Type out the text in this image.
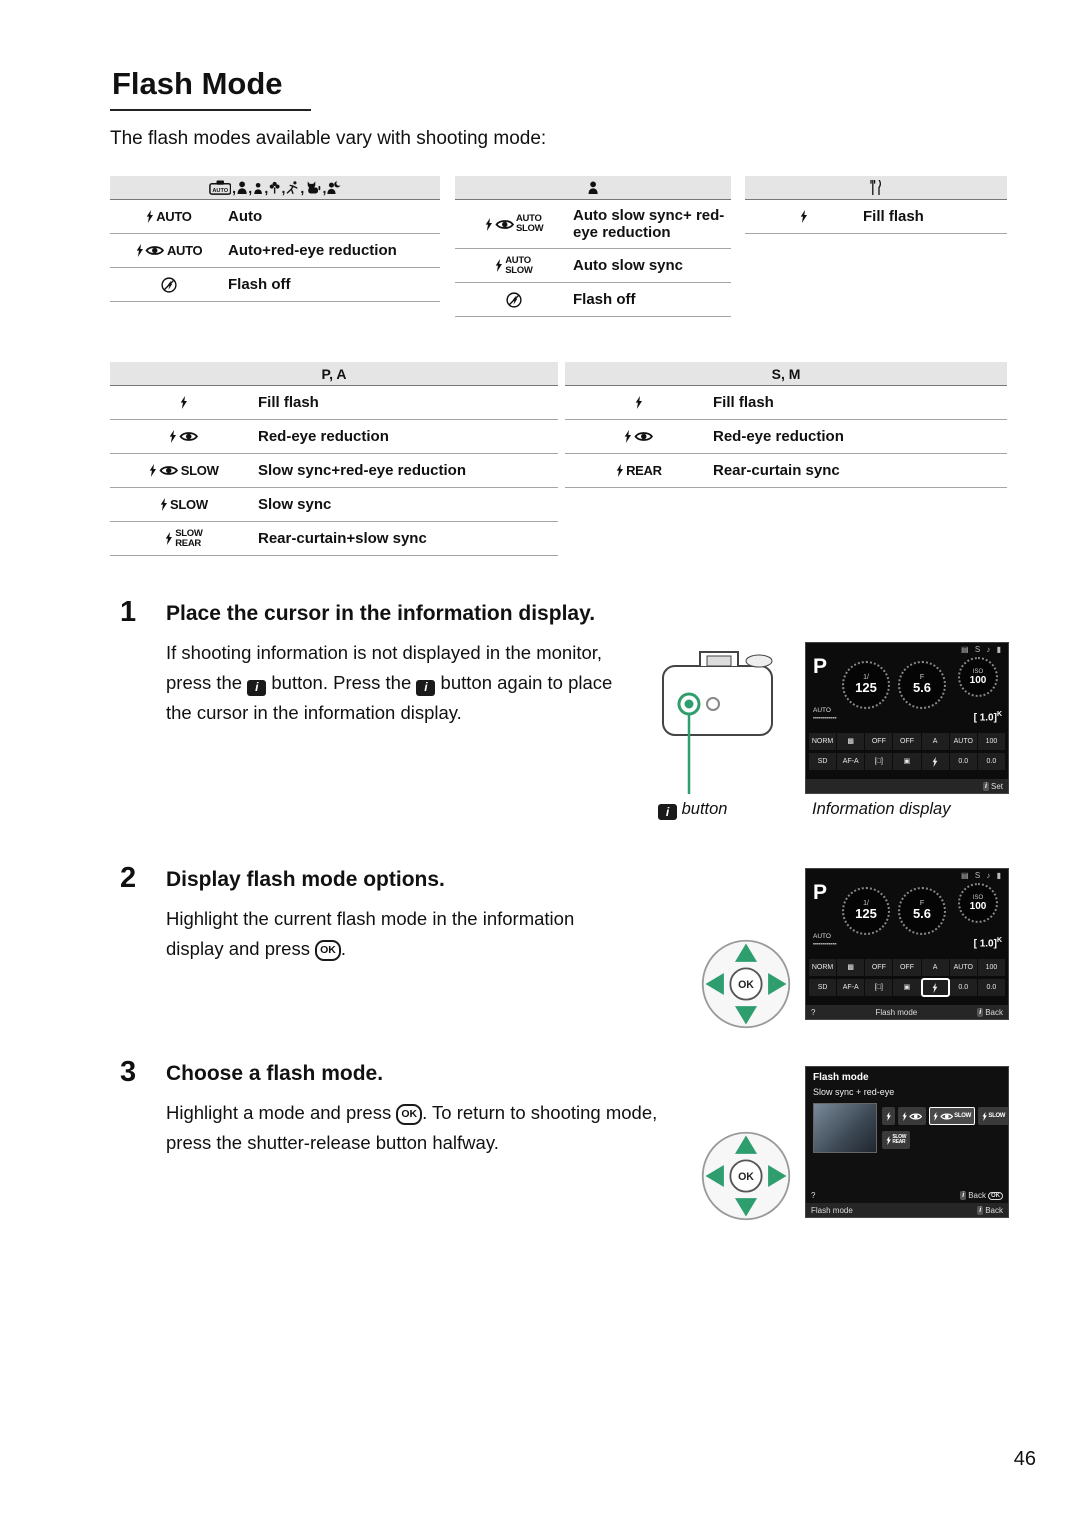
Flash Mode

The flash modes available vary with shooting mode:

AUTO ,
,
,
,
,
,
AUTO Auto
AUTO Auto+red-eye reduction
Flash off
AUTO
SLOW
Auto slow sync+ red-eye reduction
AUTO
SLOW	Auto slow sync
Flash off
Fill flash
P, A
Fill flash
Red-eye reduction
SLOW	Slow sync+red-eye reduction
SLOW	Slow sync
SLOW
REAR	Rear-curtain+slow sync
S, M
Fill flash
Red-eye reduction
REAR	Rear-curtain sync
1 Place the cursor in the information display.
If shooting information is not displayed in the monitor, press the i button. Press the i button again to place the cursor in the information display.
▤ S ♪ ▮
P	1/
125
F
5.6
ISO
100
AUTO
╍╍╍╍╍╍	[ 1.0]$^K$
NORM	▩	OFF	OFF	A	AUTO	100
SD	AF-A	[□]	▣	0.0	0.0
i Set
i button	Information display
2 Display flash mode options.
Highlight the current flash mode in the information display and press OK .
OK
▤ S ♪ ▮
P	1/
125
F
5.6
ISO
100
AUTO
╍╍╍╍╍╍	[ 1.0]$^K$
NORM	▩	OFF	OFF	A	AUTO	100
SD	AF-A	[□]	▣	0.0	0.0
?	Flash mode	i Back
3 Choose a flash mode.
Highlight a mode and press OK . To return to shooting mode, press the shutter-release button halfway.
OK
Flash mode
Slow sync + red-eye
SLOW	SLOW
SLOW
REAR
?	i Back OK
Flash mode	i Back
46
